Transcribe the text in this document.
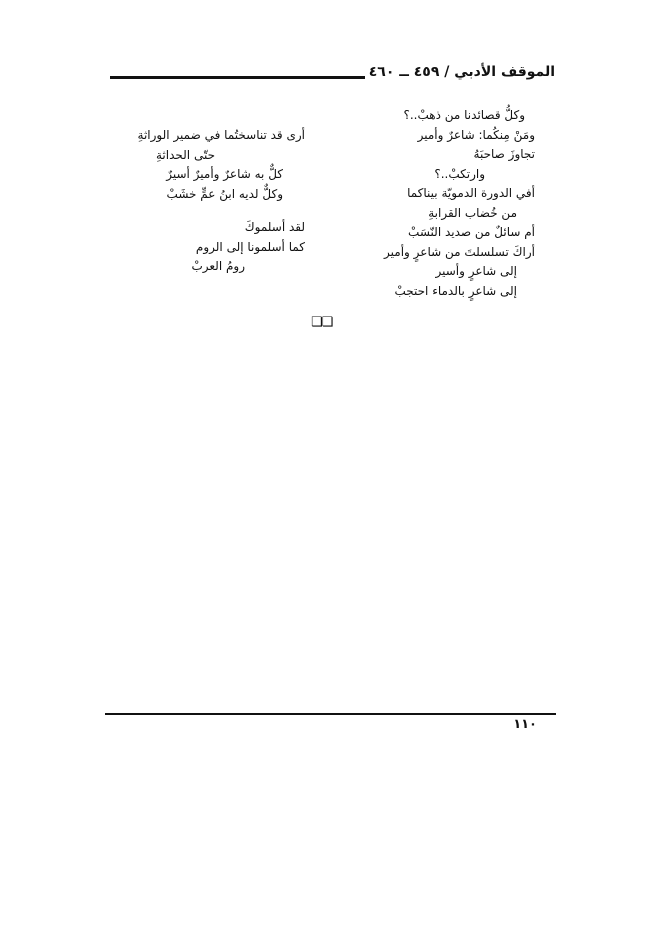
الموقف الأدبي / ٤٥٩ ــ ٤٦٠
وكلُّ قصائدنا من ذهبْ..؟
ومَنْ مِنكُما: شاعرٌ وأمير
تجاوزَ صاحبَهُ
وارتكبْ..؟
أفي الدورة الدمويّة بيناكما
من خُضاب القرابةِ
أم سائلٌ من صديد النّسَبْ
أراكَ تسلسلتَ من شاعرٍ وأمير
إلى شاعرٍ وأسير
إلى شاعرٍ بالدماء احتجبْ
أرى قد تناسختُما في ضمير الوراثةِ
حتّى الحداثةِ
كلٌّ به شاعرٌ وأميرٌ أسيرٌ
وكلٌّ لديه ابنُ عمٍّ خشَبْ
لقد أسلموكَ
كما أسلمونا إلى الروم
رومُ العربْ
❑❑
١١٠
